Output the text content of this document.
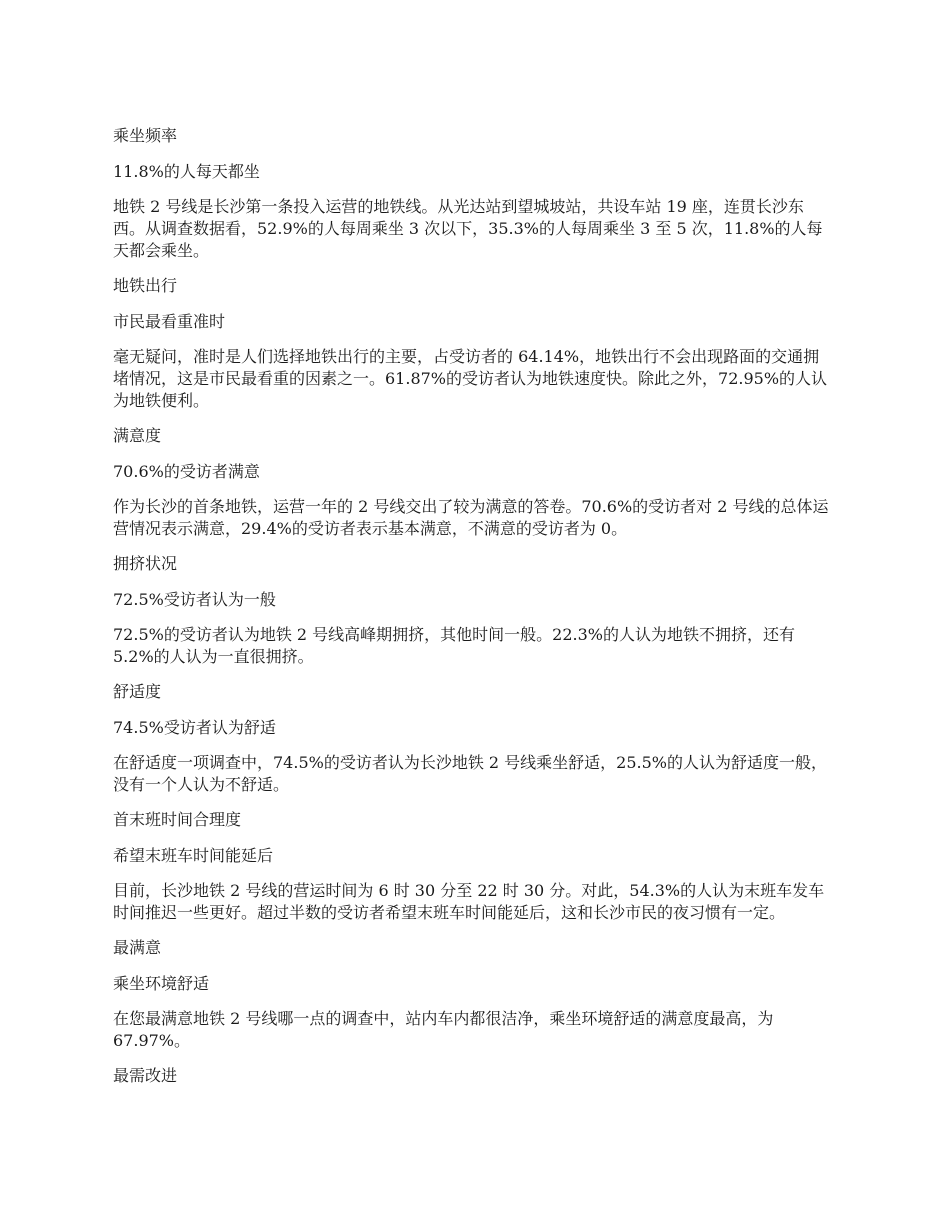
乘坐频率

11.8%的人每天都坐

地铁 2 号线是长沙第一条投入运营的地铁线。从光达站到望城坡站，共设车站 19 座，连贯长沙东西。从调查数据看，52.9%的人每周乘坐 3 次以下，35.3%的人每周乘坐 3 至 5 次，11.8%的人每天都会乘坐。

地铁出行

市民最看重准时

毫无疑问，准时是人们选择地铁出行的主要，占受访者的 64.14%，地铁出行不会出现路面的交通拥堵情况，这是市民最看重的因素之一。61.87%的受访者认为地铁速度快。除此之外，72.95%的人认为地铁便利。

满意度

70.6%的受访者满意

作为长沙的首条地铁，运营一年的 2 号线交出了较为满意的答卷。70.6%的受访者对 2 号线的总体运营情况表示满意，29.4%的受访者表示基本满意，不满意的受访者为 0。

拥挤状况

72.5%受访者认为一般

72.5%的受访者认为地铁 2 号线高峰期拥挤，其他时间一般。22.3%的人认为地铁不拥挤，还有 5.2%的人认为一直很拥挤。

舒适度

74.5%受访者认为舒适

在舒适度一项调查中，74.5%的受访者认为长沙地铁 2 号线乘坐舒适，25.5%的人认为舒适度一般，没有一个人认为不舒适。

首末班时间合理度

希望末班车时间能延后

目前，长沙地铁 2 号线的营运时间为 6 时 30 分至 22 时 30 分。对此，54.3%的人认为末班车发车时间推迟一些更好。超过半数的受访者希望末班车时间能延后，这和长沙市民的夜习惯有一定。

最满意

乘坐环境舒适

在您最满意地铁 2 号线哪一点的调查中，站内车内都很洁净，乘坐环境舒适的满意度最高，为 67.97%。

最需改进
